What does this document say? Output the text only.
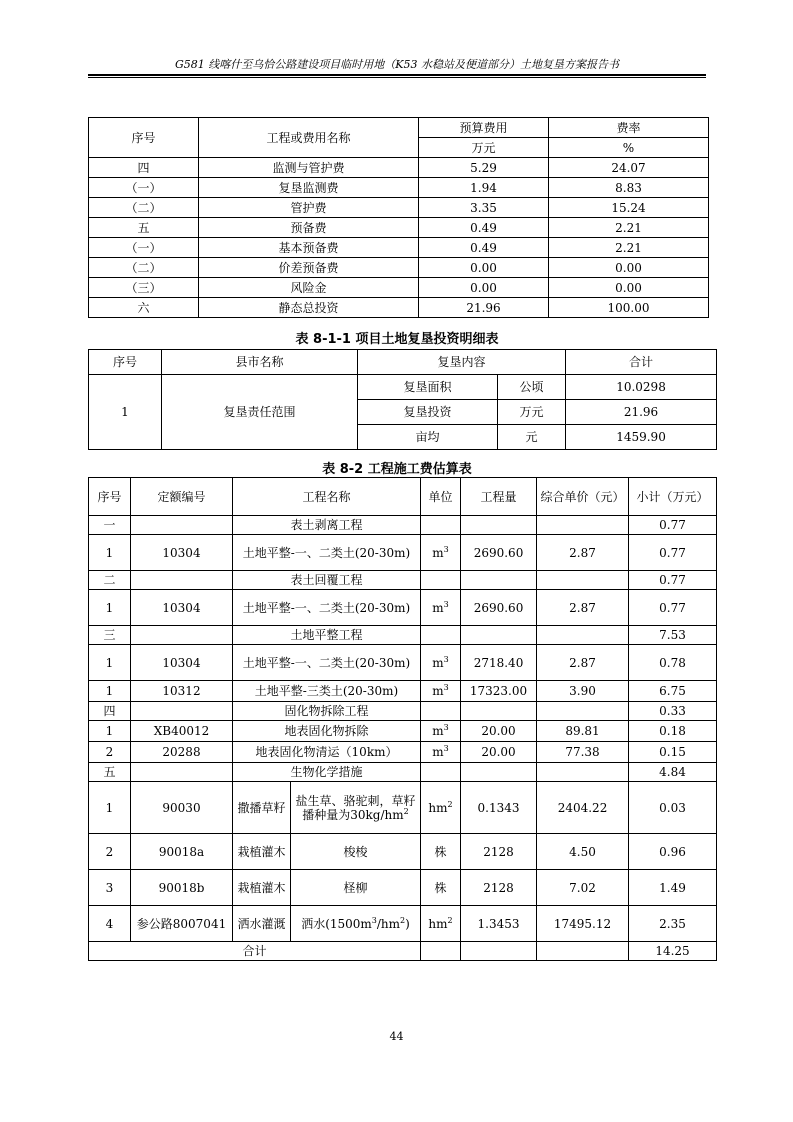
G581 线喀什至乌恰公路建设项目临时用地（K53 水稳站及便道部分）土地复垦方案报告书
序号	工程或费用名称	预算费用	费率
		万元	%
四	监测与管护费	5.29	24.07
（一）	复垦监测费	1.94	8.83
（二）	管护费	3.35	15.24
五	预备费	0.49	2.21
（一）	基本预备费	0.49	2.21
（二）	价差预备费	0.00	0.00
（三）	风险金	0.00	0.00
六	静态总投资	21.96	100.00
表 8-1-1 项目土地复垦投资明细表
序号	县市名称	复垦内容		合计
1	复垦责任范围	复垦面积	公顷	10.0298
		复垦投资	万元	21.96
		亩均	元	1459.90
表 8-2 工程施工费估算表
序号	定额编号	工程名称		单位	工程量	综合单价（元）	小计（万元）
一		表土剥离工程					0.77
1	10304	土地平整-一、二类土(20-30m)		$m^3$	2690.60	2.87	0.77
二		表土回覆工程					0.77
1	10304	土地平整-一、二类土(20-30m)		$m^3$	2690.60	2.87	0.77
三		土地平整工程					7.53
1	10304	土地平整-一、二类土(20-30m)		$m^3$	2718.40	2.87	0.78
1	10312	土地平整-三类土(20-30m)		$m^3$	17323.00	3.90	6.75
四		固化物拆除工程					0.33
1	XB40012	地表固化物拆除		$m^3$	20.00	89.81	0.18
2	20288	地表固化物清运（10km）		$m^3$	20.00	77.38	0.15
五		生物化学措施					4.84
1	90030	撒播草籽	盐生草、骆驼刺，草籽播种量为$30kg/hm^2$	$hm^2$	0.1343	2404.22	0.03
2	90018a	栽植灌木	梭梭	株	2128	4.50	0.96
3	90018b	栽植灌木	柽柳	株	2128	7.02	1.49
4	参公路8007041	洒水灌溉	洒水$(1500m^3/hm^2)$	$hm^2$	1.3453	17495.12	2.35
合计							14.25
44
